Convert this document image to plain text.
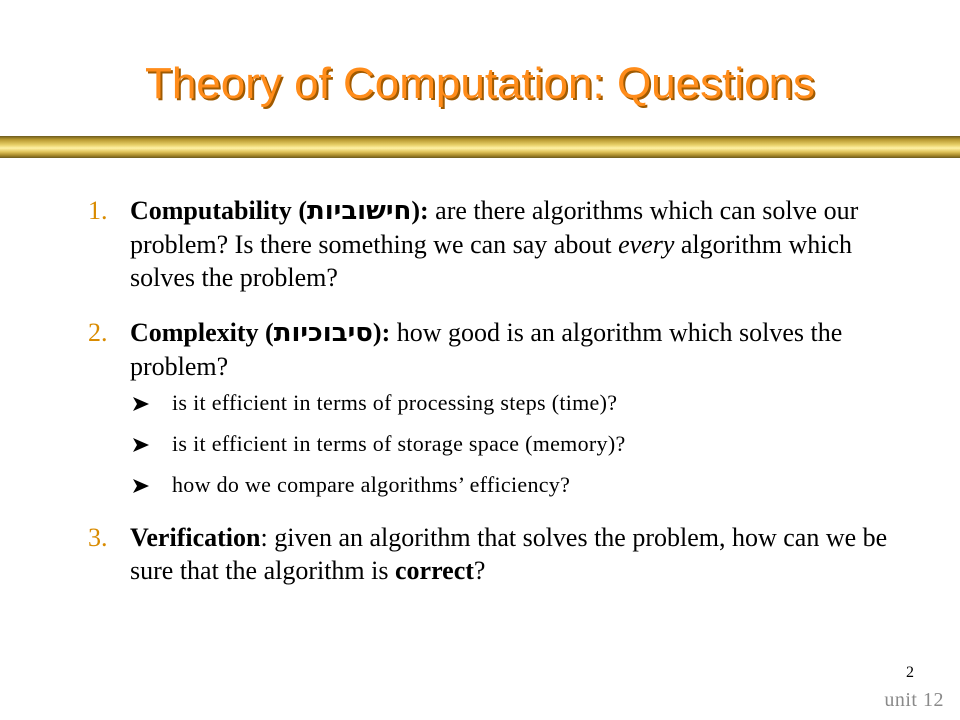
Theory of Computation: Questions
1. Computability (חישוביות): are there algorithms which can solve our problem? Is there something we can say about every algorithm which solves the problem?
2. Complexity (סיבוכיות): how good is an algorithm which solves the problem?
is it efficient in terms of processing steps (time)?
is it efficient in terms of storage space (memory)?
how do we compare algorithms’ efficiency?
3. Verification: given an algorithm that solves the problem, how can we be sure that the algorithm is correct?
2
unit 12
